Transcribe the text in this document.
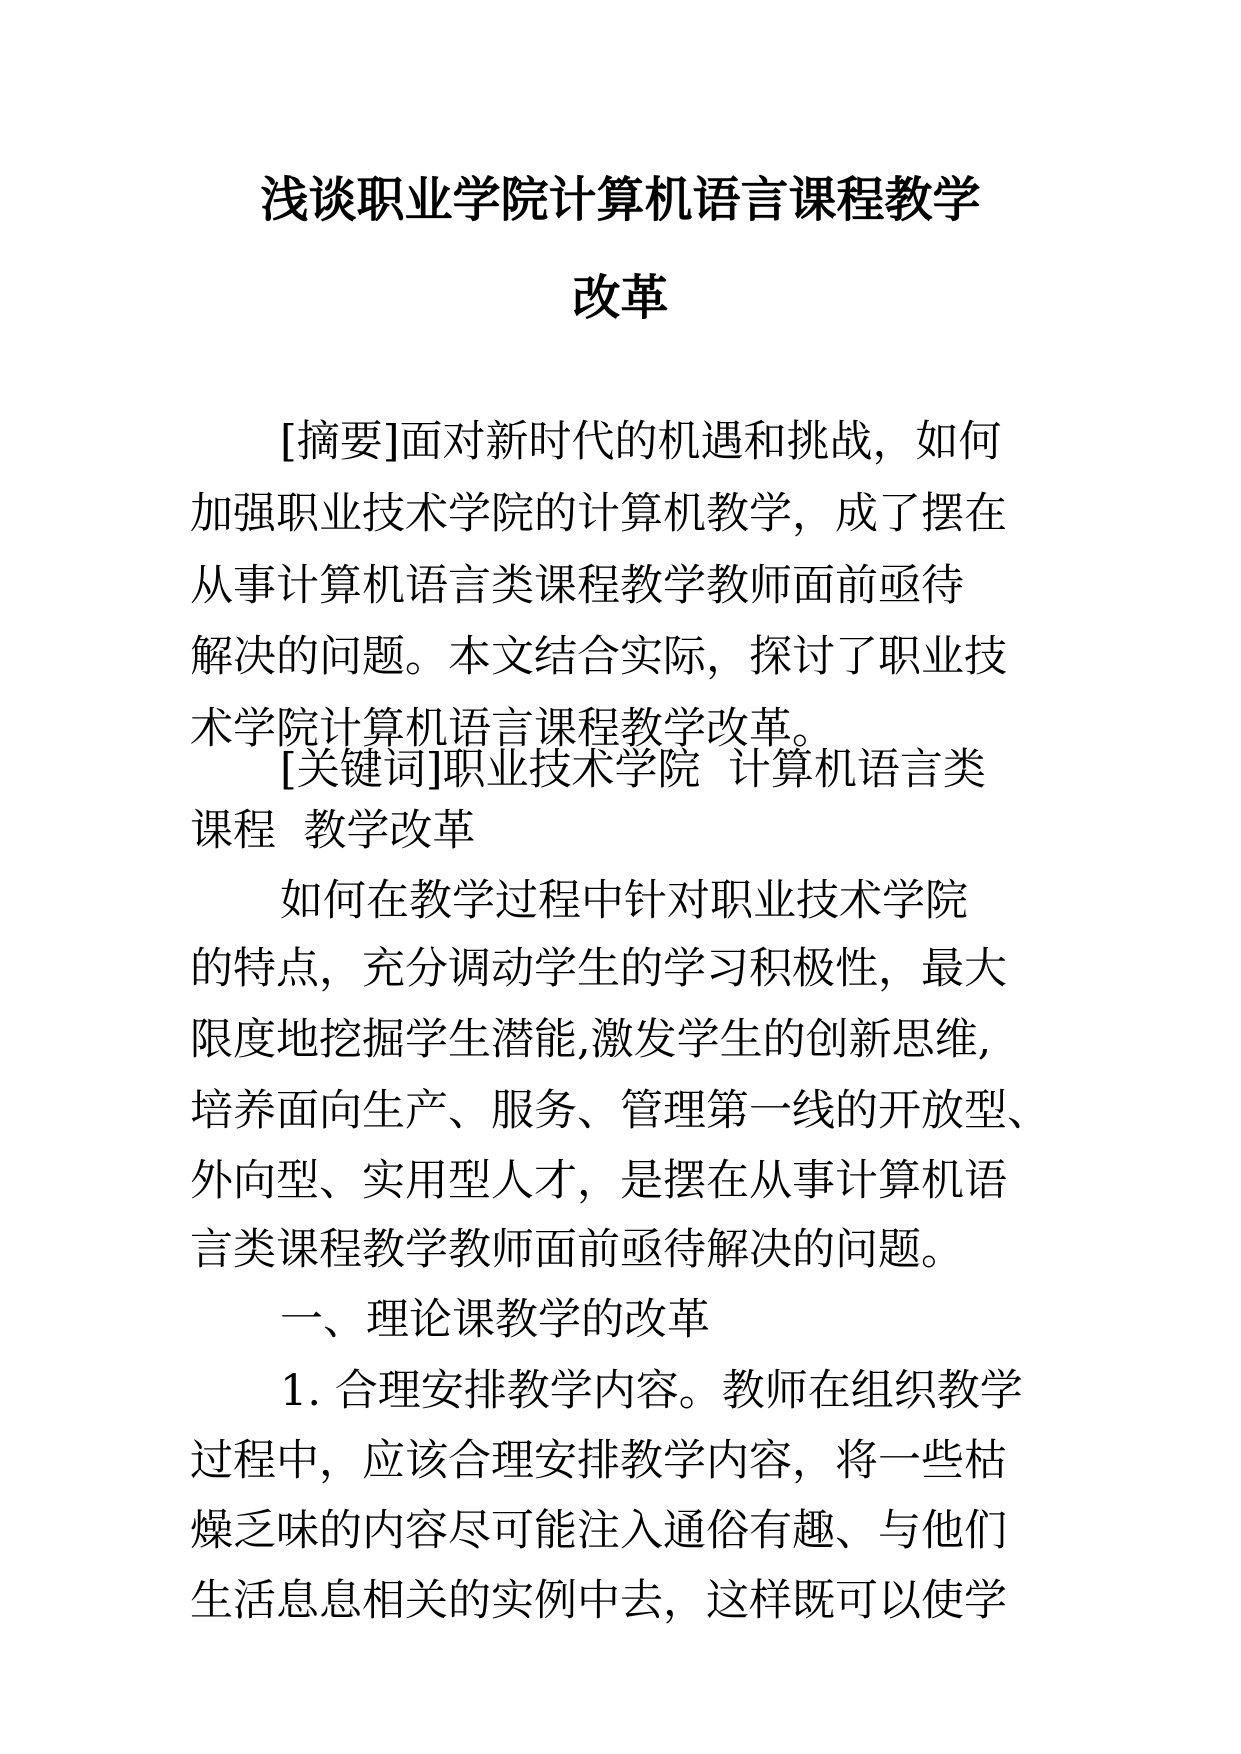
浅谈职业学院计算机语言课程教学
改革

[摘要]面对新时代的机遇和挑战，如何

加强职业技术学院的计算机教学，成了摆在

从事计算机语言类课程教学教师面前亟待

解决的问题。本文结合实际，探讨了职业技

术学院计算机语言课程教学改革。

[关键词]职业技术学院  计算机语言类

课程  教学改革

如何在教学过程中针对职业技术学院

的特点，充分调动学生的学习积极性，最大

限度地挖掘学生潜能,激发学生的创新思维,

培养面向生产、服务、管理第一线的开放型、

外向型、实用型人才，是摆在从事计算机语

言类课程教学教师面前亟待解决的问题。

一、理论课教学的改革

1. 合理安排教学内容。教师在组织教学

过程中，应该合理安排教学内容，将一些枯

燥乏味的内容尽可能注入通俗有趣、与他们

生活息息相关的实例中去，这样既可以使学
